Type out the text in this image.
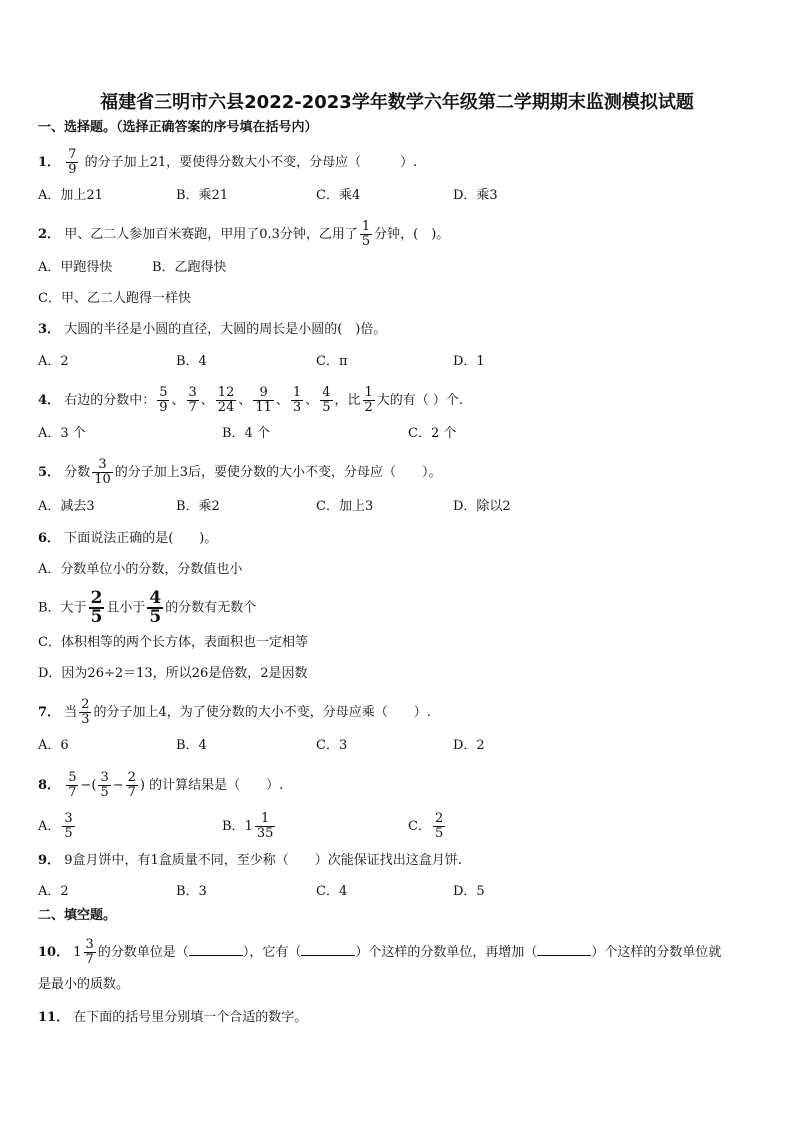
福建省三明市六县2022-2023学年数学六年级第二学期期末监测模拟试题
一、选择题。（选择正确答案的序号填在括号内）
1． $\frac{7}{9}$ 的分子加上21，要使得分数大小不变，分母应（　　　）.
A．加上21	B．乘21	C．乘4	D．乘3
2． 甲、乙二人参加百米赛跑，甲用了0.3分钟，乙用了 $\frac{1}{5}$ 分钟，(　)。
A．甲跑得快	B．乙跑得快
C．甲、乙二人跑得一样快
3． 大圆的半径是小圆的直径，大圆的周长是小圆的(　)倍。
A．2	B．4	C．π	D．1
4． 右边的分数中： $\frac{5}{9}$ 、 $\frac{3}{7}$ 、 $\frac{12}{24}$ 、 $\frac{9}{11}$ 、 $\frac{1}{3}$ 、 $\frac{4}{5}$ ，比 $\frac{1}{2}$ 大的有（ ）个.
A．3 个	B．4 个	C．2 个
5． 分数 $\frac{3}{10}$ 的分子加上3后，要使分数的大小不变，分母应（　　）。
A．减去3	B．乘2	C．加上3	D．除以2
6． 下面说法正确的是(　　)。
A．分数单位小的分数，分数值也小
B．大于 $\frac{2}{5}$ 且小于 $\frac{4}{5}$ 的分数有无数个
C．体积相等的两个长方体，表面积也一定相等
D．因为26÷2＝13，所以26是倍数，2是因数
7． 当 $\frac{2}{3}$ 的分子加上4，为了使分数的大小不变，分母应乘（　　）.
A．6	B．4	C．3	D．2
8． $\frac{5}{7}$ −( $\frac{3}{5} - \frac{2}{7}$ ) 的计算结果是（　　）.
A． $\frac{3}{5}$	B．$1 \frac{1}{35}$	C． $\frac{2}{5}$
9． 9盒月饼中，有1盒质量不同，至少称（　　）次能保证找出这盒月饼.
A．2	B．3	C．4	D．5
二、填空题。
10． $1 \frac{3}{7}$ 的分数单位是（	），它有（	）个这样的分数单位，再增加（	）个这样的分数单位就
是最小的质数。
11． 在下面的括号里分别填一个合适的数字。
